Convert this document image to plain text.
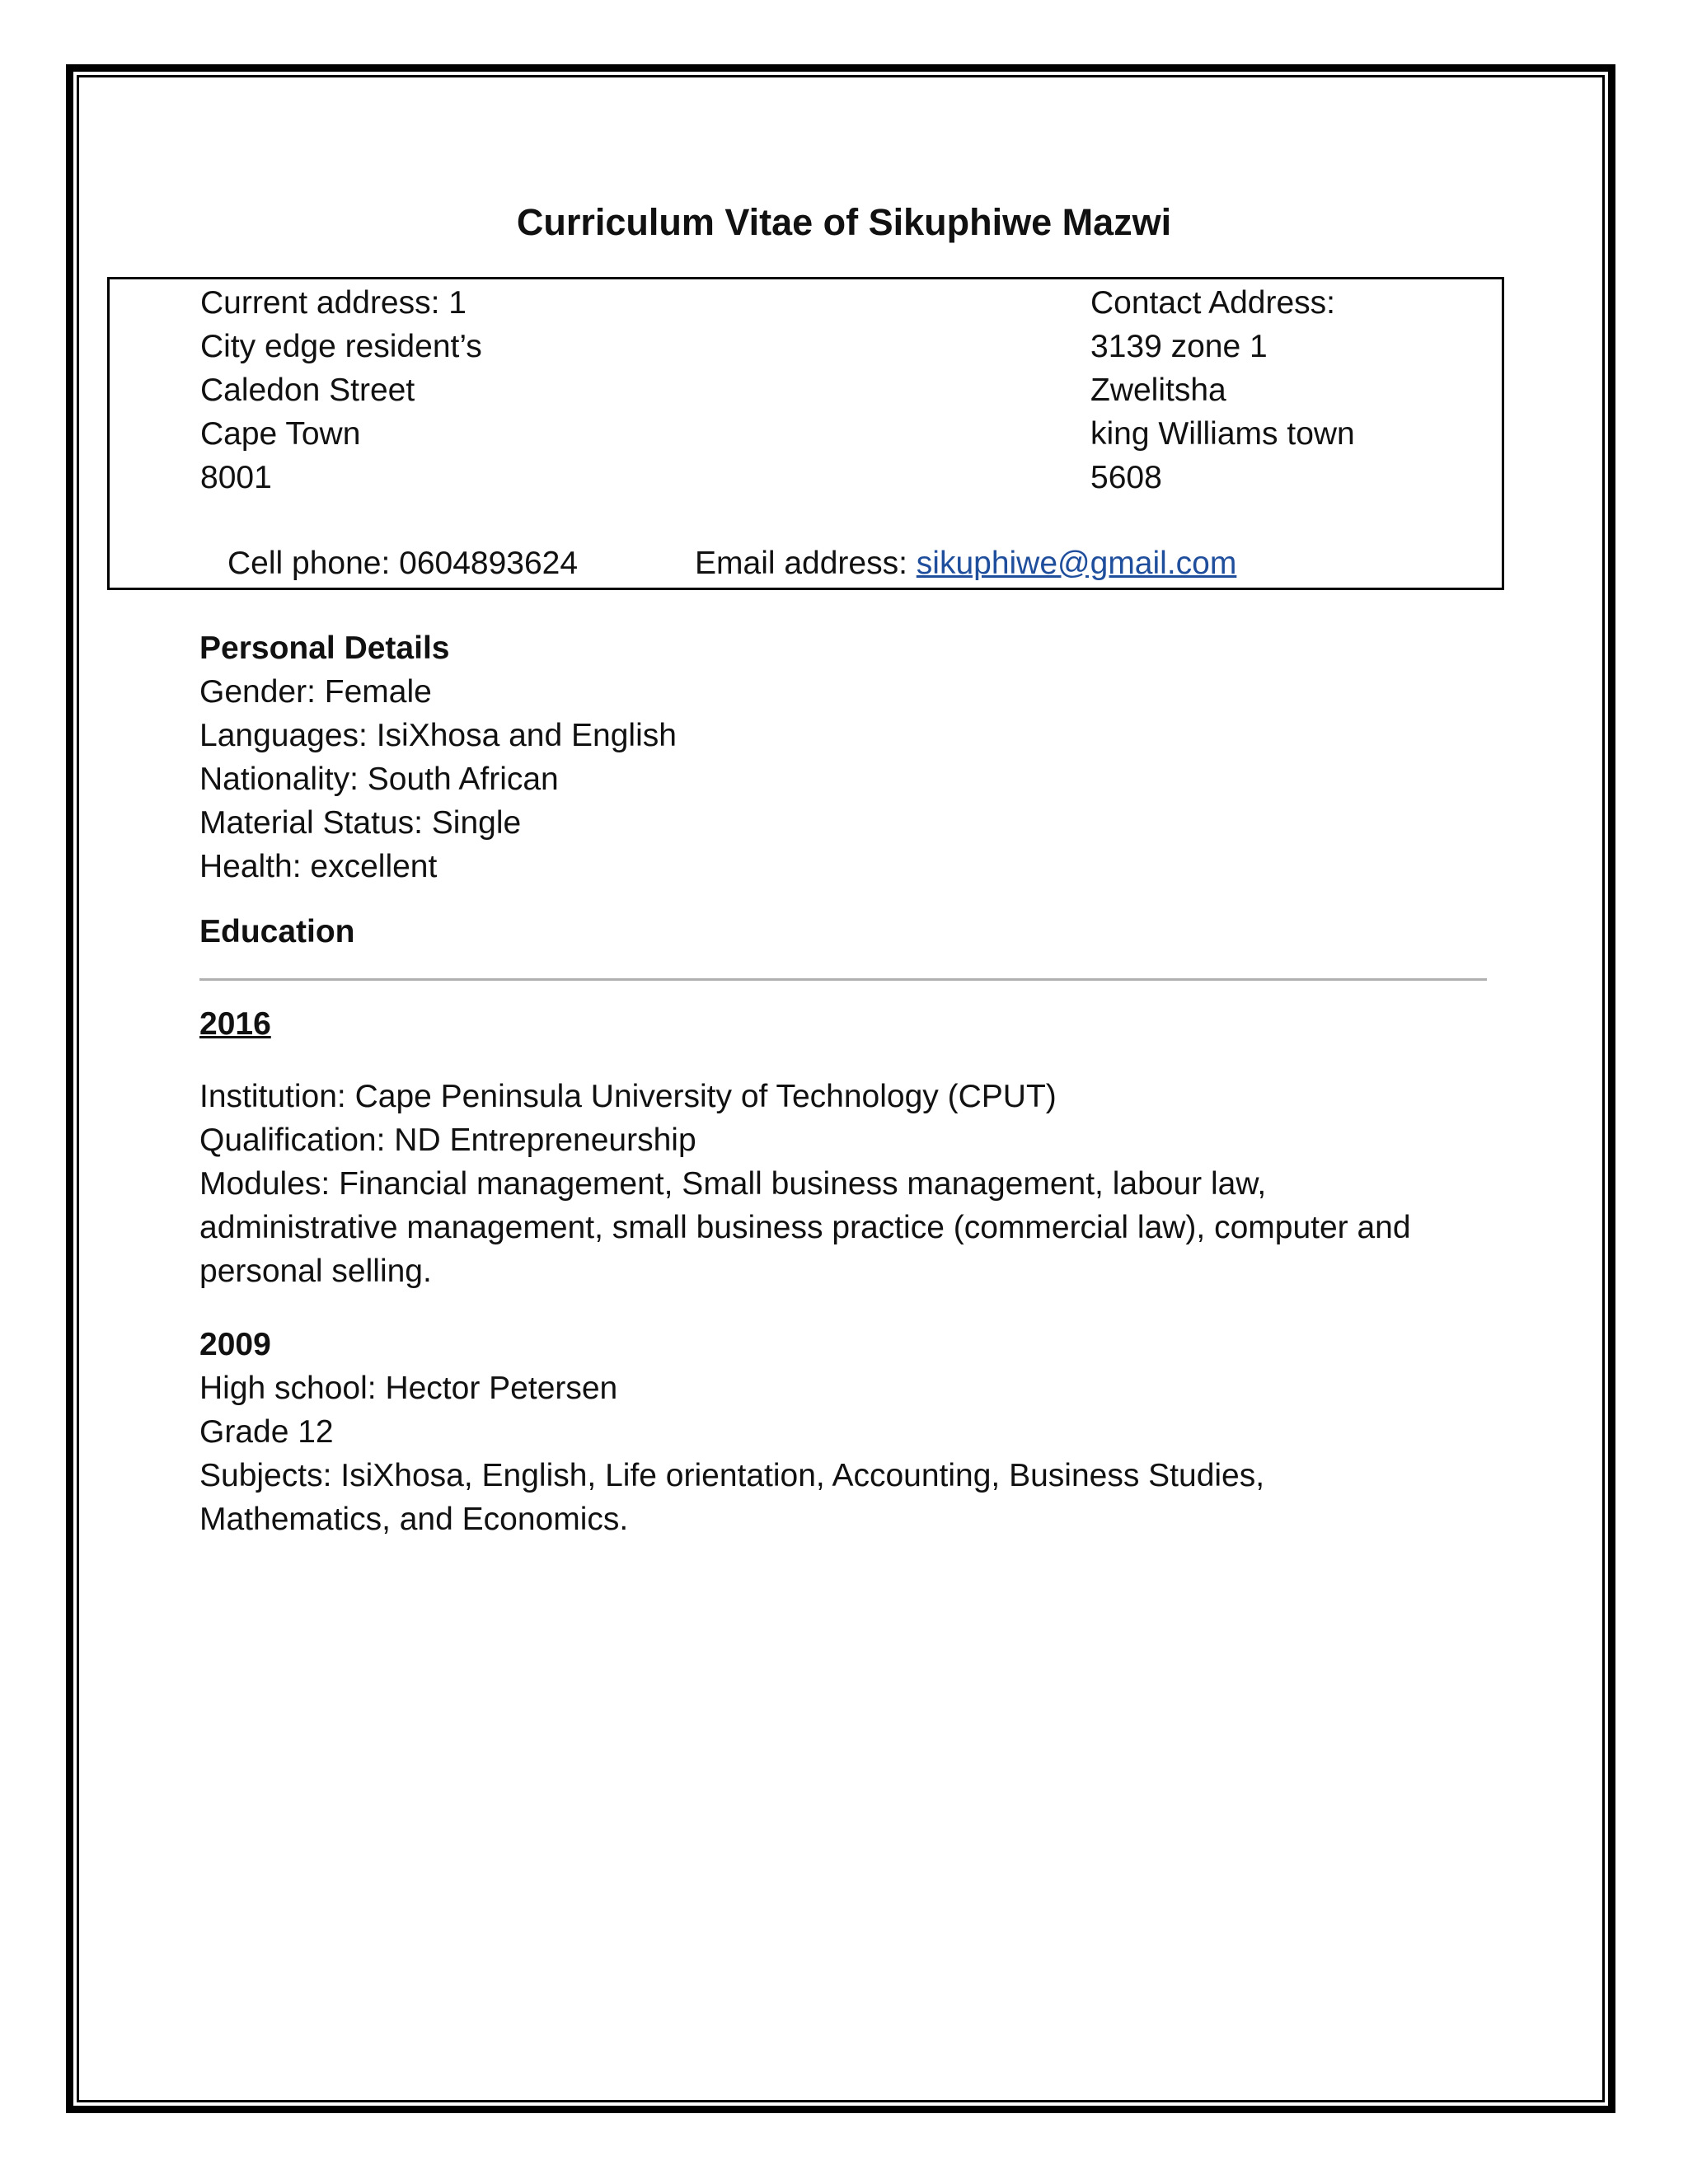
Curriculum Vitae of Sikuphiwe Mazwi
Current address: 1
City edge resident’s
Caledon Street
Cape Town
8001
Contact Address:
3139 zone 1
Zwelitsha
king Williams town
5608
Cell phone: 0604893624	Email address: sikuphiwe@gmail.com

Personal Details

Gender: Female
Languages: IsiXhosa and English
Nationality: South African
Material Status: Single
Health: excellent

Education

2016

Institution: Cape Peninsula University of Technology (CPUT)
Qualification: ND Entrepreneurship
Modules: Financial management, Small business management, labour law,
administrative management, small business practice (commercial law), computer and
personal selling.

2009

High school: Hector Petersen
Grade 12
Subjects: IsiXhosa, English, Life orientation, Accounting, Business Studies,
Mathematics, and Economics.
